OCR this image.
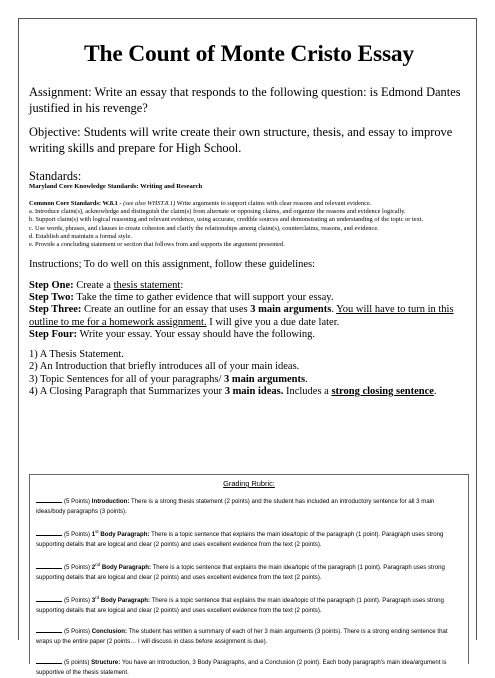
The Count of Monte Cristo Essay

Assignment: Write an essay that responds to the following question: is Edmond Dantes justified in his revenge?

Objective: Students will write create their own structure, thesis, and essay to improve writing skills and prepare for High School.

Standards:

Maryland Core Knowledge Standards: Writing and Research

Common Core Standards: W.8.1 - (see also WHST.8.1) Write arguments to support claims with clear reasons and relevant evidence.

a. Introduce claim(s), acknowledge and distinguish the claim(s) from alternate or opposing claims, and organize the reasons and evidence logically.

b. Support claim(s) with logical reasoning and relevant evidence, using accurate, credible sources and demonstrating an understanding of the topic or text.

c. Use words, phrases, and clauses to create cohesion and clarify the relationships among claim(s), counterclaims, reasons, and evidence.

d. Establish and maintain a formal style.

e. Provide a concluding statement or section that follows from and supports the argument presented.

Instructions; To do well on this assignment, follow these guidelines:

Step One: Create a thesis statement:

Step Two: Take the time to gather evidence that will support your essay.

Step Three: Create an outline for an essay that uses 3 main arguments. You will have to turn in this outline to me for a homework assignment. I will give you a due date later.

Step Four: Write your essay. Your essay should have the following.

1) A Thesis Statement.
2) An Introduction that briefly introduces all of your main ideas.
3) Topic Sentences for all of your paragraphs/ 3 main arguments.
4) A Closing Paragraph that Summarizes your 3 main ideas. Includes a strong closing sentence.
Grading Rubric:
(5 Points) Introduction: There is a strong thesis statement (2 points) and the student has included an introductory sentence for all 3 main ideas/body paragraphs (3 points).
(5 Points) 1st Body Paragraph: There is a topic sentence that explains the main idea/topic of the paragraph (1 point). Paragraph uses strong supporting details that are logical and clear (2 points) and uses excellent evidence from the text (2 points).
(5 Points) 2nd Body Paragraph: There is a topic sentence that explains the main idea/topic of the paragraph (1 point). Paragraph uses strong supporting details that are logical and clear (2 points) and uses excellent evidence from the text (2 points).
(5 Points) 3rd Body Paragraph: There is a topic sentence that explains the main idea/topic of the paragraph (1 point). Paragraph uses strong supporting details that are logical and clear (2 points) and uses excellent evidence from the text (2 points).
(5 Points) Conclusion: The student has written a summary of each of her 3 main arguments (3 points). There is a strong ending sentence that wraps up the entire paper (2 points… I will discuss in class before assignment is due).
(5 points) Structure: You have an Introduction, 3 Body Paragraphs, and a Conclusion (2 point). Each body paragraph's main idea/argument is supportive of the thesis statement.
